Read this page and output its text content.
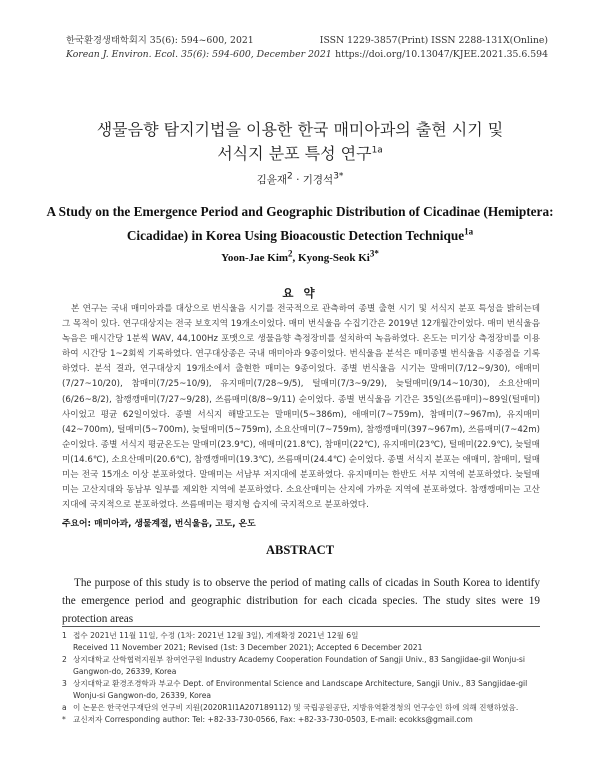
한국환경생태학회지 35(6): 594~600, 2021
Korean J. Environ. Ecol. 35(6): 594-600, December 2021
ISSN 1229-3857(Print) ISSN 2288-131X(Online)
https://doi.org/10.13047/KJEE.2021.35.6.594
생물음향 탐지기법을 이용한 한국 매미아과의 출현 시기 및
서식지 분포 특성 연구$^{1a}$
김윤재2 · 기경석3*
A Study on the Emergence Period and Geographic Distribution of Cicadinae (Hemiptera:
Cicadidae) in Korea Using Bioacoustic Detection Technique$^{1a}$
Yoon-Jae Kim$^2$, Kyong-Seok $Ki^{3*}$
요 약

본 연구는 국내 매미아과를 대상으로 번식울음 시기를 전국적으로 관측하여 종별 출현 시기 및 서식지 분포 특성을 밝히는데 그 목적이 있다. 연구대상지는 전국 보호지역 19개소이었다. 매미 번식울음 수집기간은 2019년 12개월간이었다. 매미 번식울음 녹음은 매시간당 1분씩 WAV, 44,100Hz 포맷으로 생물음향 측정장비를 설치하여 녹음하였다. 온도는 미기상 측정장비를 이용하여 시간당 1~2회씩 기록하였다. 연구대상종은 국내 매미아과 9종이었다. 번식울음 분석은 매미종별 번식울음 시종점을 기록하였다. 분석 결과, 연구대상지 19개소에서 출현한 매미는 9종이었다. 종별 번식울음 시기는 말매미(7/12~9/30), 애매미(7/27~10/20), 참매미(7/25~10/9), 유지매미(7/28~9/5), 털매미(7/3~9/29), 늦털매미(9/14~10/30), 소요산매미(6/26~8/2), 참깽깽매미(7/27~9/28), 쓰름매미(8/8~9/11) 순이었다. 종별 번식울음 기간은 35일(쓰름매미)~89일(털매미) 사이었고 평균 62일이었다. 종별 서식지 해발고도는 말매미(5~386m), 애매미(7~759m), 참매미(7~967m), 유지매미(42~700m), 털매미(5~700m), 늦털매미(5~759m), 소요산매미(7~759m), 참깽깽매미(397~967m), 쓰름매미(7~42m) 순이었다. 종별 서식지 평균온도는 말매미(23.9℃), 애매미(21.8℃), 참매미(22℃), 유지매미(23℃), 털매미(22.9℃), 늦털매미(14.6℃), 소요산매미(20.6℃), 참깽깽매미(19.3℃), 쓰름매미(24.4℃) 순이었다. 종별 서식지 분포는 애매미, 참매미, 털매미는 전국 15개소 이상 분포하였다. 말매미는 서남부 저지대에 분포하였다. 유지매미는 한반도 서부 지역에 분포하였다. 늦털매미는 고산지대와 동남부 일부를 제외한 지역에 분포하였다. 소요산매미는 산지에 가까운 지역에 분포하였다. 참깽깽매미는 고산지대에 국지적으로 분포하였다. 쓰름매미는 평지형 습지에 국지적으로 분포하였다.

주요어: 매미아과, 생물계절, 번식울음, 고도, 온도
ABSTRACT

The purpose of this study is to observe the period of mating calls of cicadas in South Korea to identify the emergence period and geographic distribution for each cicada species. The study sites were 19 protection areas

1 접수 2021년 11월 11일, 수정 (1차: 2021년 12월 3일), 게재확정 2021년 12월 6일
Received 11 November 2021; Revised (1st: 3 December 2021); Accepted 6 December 2021
2 상지대학교 산학협력지원부 참여연구원 Industry Academy Cooperation Foundation of Sangji Univ., 83 Sangjidae-gil Wonju-si Gangwon-do, 26339, Korea
3 상지대학교 환경조경학과 부교수 Dept. of Environmental Science and Landscape Architecture, Sangji Univ., 83 Sangjidae-gil Wonju-si Gangwon-do, 26339, Korea
a 이 논문은 한국연구재단의 연구비 지원(2020R1I1A207189112) 및 국립공원공단, 지방유역환경청의 연구승인 하에 의해 진행하였음.
* 교신저자 Corresponding author: Tel: +82-33-730-0566, Fax: +82-33-730-0503, E-mail: ecokks@gmail.com
